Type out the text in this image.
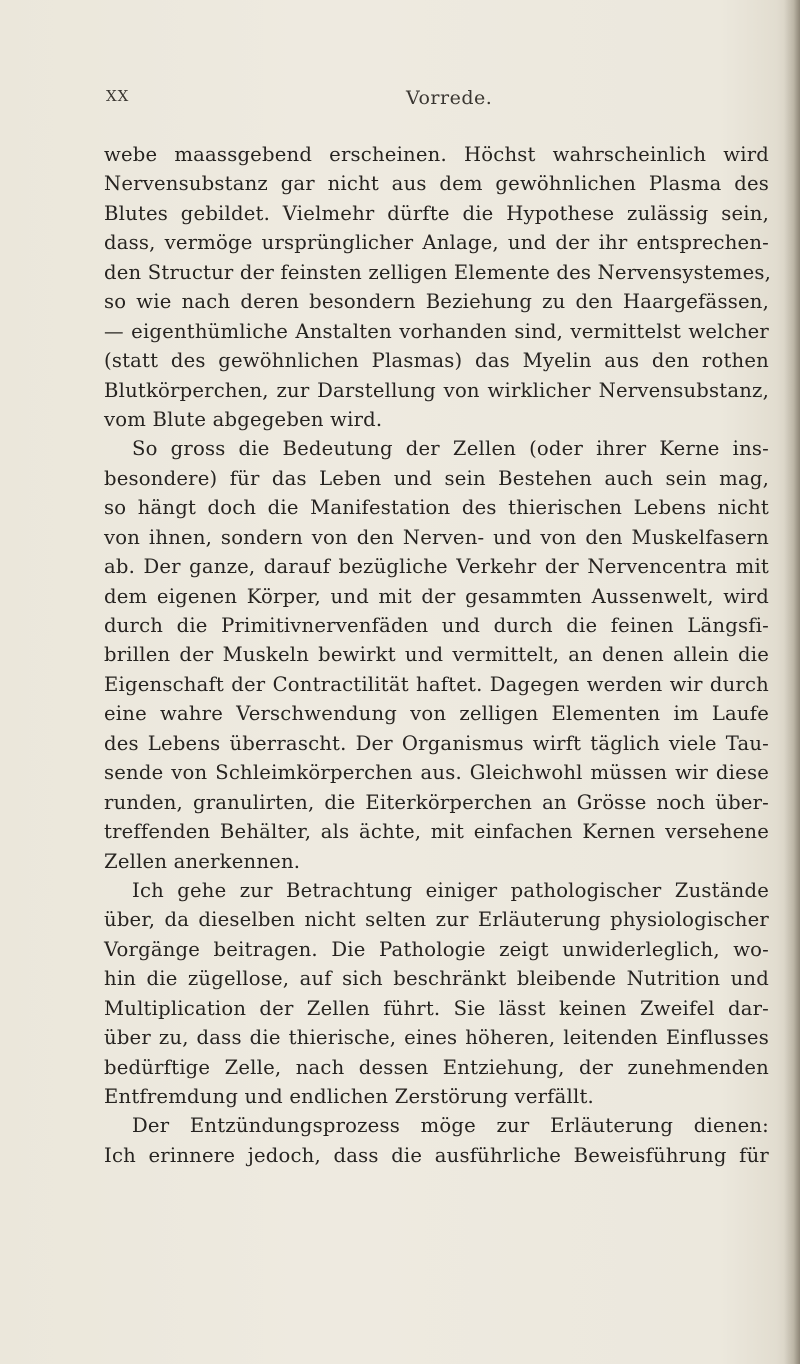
XX	Vorrede.
webe maassgebend erscheinen. Höchst wahrscheinlich wird
Nervensubstanz gar nicht aus dem gewöhnlichen Plasma des
Blutes gebildet. Vielmehr dürfte die Hypothese zulässig sein,
dass, vermöge ursprünglicher Anlage, und der ihr entsprechen-
den Structur der feinsten zelligen Elemente des Nervensystemes,
so wie nach deren besondern Beziehung zu den Haargefässen,
— eigenthümliche Anstalten vorhanden sind, vermittelst welcher
(statt des gewöhnlichen Plasmas) das Myelin aus den rothen
Blutkörperchen, zur Darstellung von wirklicher Nervensubstanz,
vom Blute abgegeben wird.
So gross die Bedeutung der Zellen (oder ihrer Kerne ins-
besondere) für das Leben und sein Bestehen auch sein mag,
so hängt doch die Manifestation des thierischen Lebens nicht
von ihnen, sondern von den Nerven- und von den Muskelfasern
ab. Der ganze, darauf bezügliche Verkehr der Nervencentra mit
dem eigenen Körper, und mit der gesammten Aussenwelt, wird
durch die Primitivnervenfäden und durch die feinen Längsfi-
brillen der Muskeln bewirkt und vermittelt, an denen allein die
Eigenschaft der Contractilität haftet. Dagegen werden wir durch
eine wahre Verschwendung von zelligen Elementen im Laufe
des Lebens überrascht. Der Organismus wirft täglich viele Tau-
sende von Schleimkörperchen aus. Gleichwohl müssen wir diese
runden, granulirten, die Eiterkörperchen an Grösse noch über-
treffenden Behälter, als ächte, mit einfachen Kernen versehene
Zellen anerkennen.
Ich gehe zur Betrachtung einiger pathologischer Zustände
über, da dieselben nicht selten zur Erläuterung physiologischer
Vorgänge beitragen. Die Pathologie zeigt unwiderleglich, wo-
hin die zügellose, auf sich beschränkt bleibende Nutrition und
Multiplication der Zellen führt. Sie lässt keinen Zweifel dar-
über zu, dass die thierische, eines höheren, leitenden Einflusses
bedürftige Zelle, nach dessen Entziehung, der zunehmenden
Entfremdung und endlichen Zerstörung verfällt.
Der Entzündungsprozess möge zur Erläuterung dienen:
Ich erinnere jedoch, dass die ausführliche Beweisführung für
